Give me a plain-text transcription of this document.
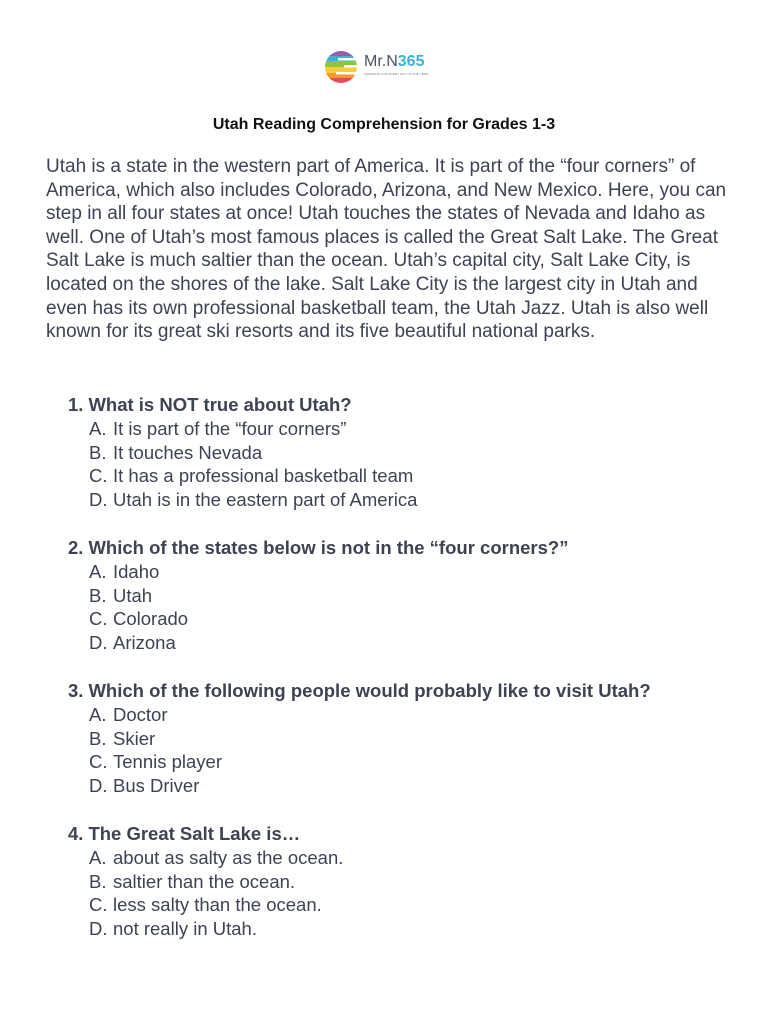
Mr.N365
LEARNING FOR EVERY DAY OF THE YEAR
Utah Reading Comprehension for Grades 1-3

Utah is a state in the western part of America. It is part of the “four corners” of America, which also includes Colorado, Arizona, and New Mexico. Here, you can step in all four states at once! Utah touches the states of Nevada and Idaho as well. One of Utah’s most famous places is called the Great Salt Lake. The Great Salt Lake is much saltier than the ocean. Utah’s capital city, Salt Lake City, is located on the shores of the lake. Salt Lake City is the largest city in Utah and even has its own professional basketball team, the Utah Jazz. Utah is also well known for its great ski resorts and its five beautiful national parks.

1. What is NOT true about Utah?
A. It is part of the “four corners”
B. It touches Nevada
C. It has a professional basketball team
D. Utah is in the eastern part of America
2. Which of the states below is not in the “four corners?”
A. Idaho
B. Utah
C. Colorado
D. Arizona
3. Which of the following people would probably like to visit Utah?
A. Doctor
B. Skier
C. Tennis player
D. Bus Driver
4. The Great Salt Lake is…
A. about as salty as the ocean.
B. saltier than the ocean.
C. less salty than the ocean.
D. not really in Utah.
